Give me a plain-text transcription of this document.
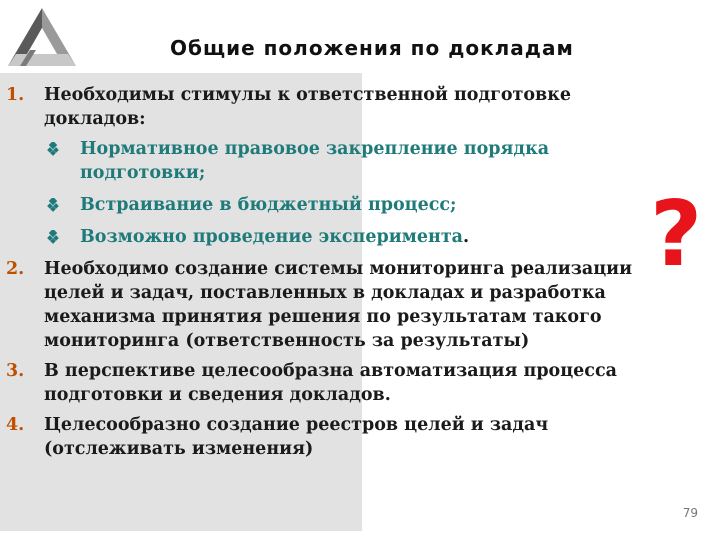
Общие положения по докладам
1. Необходимы стимулы к ответственной подготовке докладов:
Нормативное правовое закрепление порядка подготовки;
Встраивание в бюджетный процесс;
Возможно проведение эксперимента.
2. Необходимо создание системы мониторинга реализации целей и задач, поставленных в докладах и разработка механизма принятия решения по результатам такого мониторинга (ответственность за результаты)
3. В перспективе целесообразна автоматизация процесса подготовки и сведения докладов.
4. Целесообразно создание реестров целей и задач (отслеживать изменения)
?
79
